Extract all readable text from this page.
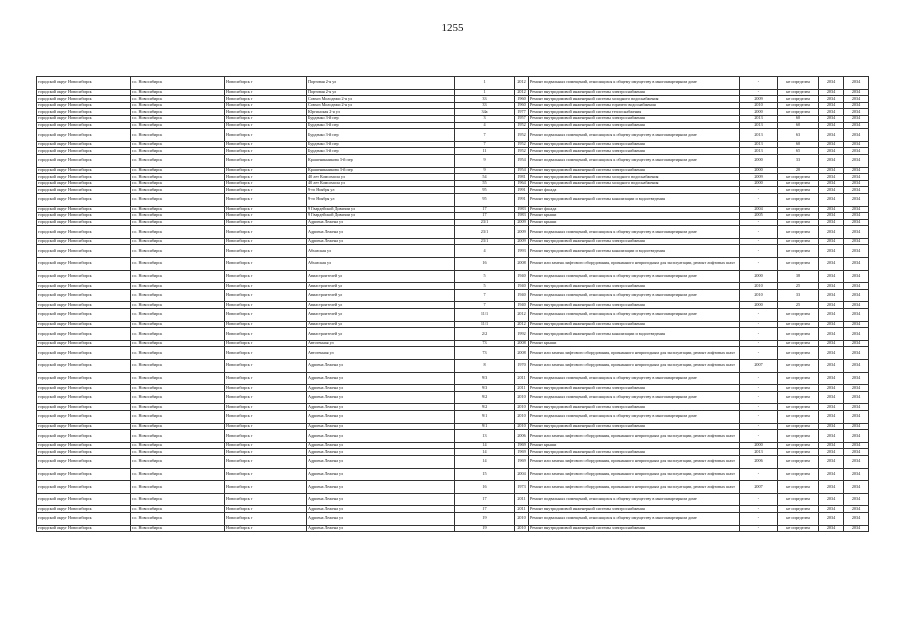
1255
городской округ Новосибирск	г.о. Новосибирск	Новосибирск г	Портовая 2-я ул	1	2012	Ремонт подвальных помещений, относящихся к общему имуществу в многоквартирном доме	-	не определен	2034	2034
городской округ Новосибирск	г.о. Новосибирск	Новосибирск г	Портовая 2-я ул	1	2012	Ремонт внутридомовой инженерной системы электроснабжения	-	не определен	2034	2034
городской округ Новосибирск	г.о. Новосибирск	Новосибирск г	Совхоз Молодежи 2-я ул	33	1960	Ремонт внутридомовой инженерной системы холодного водоснабжения	2009	не определен	2034	2034
городской округ Новосибирск	г.о. Новосибирск	Новосибирск г	Совхоз Молодежи 2-я ул	33	1960	Ремонт внутридомовой инженерной системы горячего водоснабжения	2010	не определен	2034	2034
городской округ Новосибирск	г.о. Новосибирск	Новосибирск г	Юргинская 2-я ул	34а	1977	Ремонт внутридомовой инженерной системы теплоснабжения	2000	не определен	2034	2034
городской округ Новосибирск	г.о. Новосибирск	Новосибирск г	Бурденко 3-й пер	3	1957	Ремонт внутридомовой инженерной системы электроснабжения	2013	60	2034	2034
городской округ Новосибирск	г.о. Новосибирск	Новосибирск г	Бурденко 3-й пер	4	1952	Ремонт внутридомовой инженерной системы электроснабжения	2013	60	2034	2034
городской округ Новосибирск	г.о. Новосибирск	Новосибирск г	Бурденко 3-й пер	7	1952	Ремонт подвальных помещений, относящихся к общему имуществу в многоквартирном доме	2013	63	2034	2034
городской округ Новосибирск	г.о. Новосибирск	Новосибирск г	Бурденко 3-й пер	7	1952	Ремонт внутридомовой инженерной системы электроснабжения	2013	60	2034	2034
городской округ Новосибирск	г.о. Новосибирск	Новосибирск г	Бурденко 3-й пер	11	1952	Ремонт внутридомовой инженерной системы электроснабжения	2013	65	2034	2034
городской округ Новосибирск	г.о. Новосибирск	Новосибирск г	Крашенинникова 3-й пер	9	1954	Ремонт подвальных помещений, относящихся к общему имуществу в многоквартирном доме	2000	33	2034	2034
городской округ Новосибирск	г.о. Новосибирск	Новосибирск г	Крашенинникова 3-й пер	9	1954	Ремонт внутридомовой инженерной системы электроснабжения	2000	20	2034	2034
городской округ Новосибирск	г.о. Новосибирск	Новосибирск г	40 лет Комсомола ул	54	1981	Ремонт внутридомовой инженерной системы холодного водоснабжения	2009	не определен	2034	2034
городской округ Новосибирск	г.о. Новосибирск	Новосибирск г	40 лет Комсомола ул	55	1964	Ремонт внутридомовой инженерной системы холодного водоснабжения	2000	не определен	2034	2034
городской округ Новосибирск	г.о. Новосибирск	Новосибирск г	9-го Ноября ул	95	1991	Ремонт фасада	-	не определен	2034	2034
городской округ Новосибирск	г.о. Новосибирск	Новосибирск г	9-го Ноября ул	95	1991	Ремонт внутридомовой инженерной системы канализации и водоотведения	-	не определен	2034	2034
городской округ Новосибирск	г.о. Новосибирск	Новосибирск г	9 Гвардейской Дивизии ул	17	1983	Ремонт фасада	2004	не определен	2034	2034
городской округ Новосибирск	г.о. Новосибирск	Новосибирск г	9 Гвардейской Дивизии ул	17	1983	Ремонт крыши	2005	не определен	2034	2034
городской округ Новосибирск	г.о. Новосибирск	Новосибирск г	Адриена Лежена ул	23/1	2009	Ремонт крыши	-	не определен	2034	2034
городской округ Новосибирск	г.о. Новосибирск	Новосибирск г	Адриена Лежена ул	23/1	2009	Ремонт подвальных помещений, относящихся к общему имуществу в многоквартирном доме	-	не определен	2034	2034
городской округ Новосибирск	г.о. Новосибирск	Новосибирск г	Адриена Лежена ул	23/1	2009	Ремонт внутридомовой инженерной системы электроснабжения	-	не определен	2034	2034
городской округ Новосибирск	г.о. Новосибирск	Новосибирск г	Абхазская ул	4	1993	Ремонт внутридомовой инженерной системы канализации и водоотведения	-	не определен	2034	2034
городской округ Новосибирск	г.о. Новосибирск	Новосибирск г	Абхазская ул	16	2008	Ремонт или замена лифтового оборудования, признанного непригодным для эксплуатации, ремонт лифтовых шахт	-	не определен	2034	2034
городской округ Новосибирск	г.о. Новосибирск	Новосибирск г	Авиастроителей ул	5	1940	Ремонт подвальных помещений, относящихся к общему имуществу в многоквартирном доме	2000	38	2034	2034
городской округ Новосибирск	г.о. Новосибирск	Новосибирск г	Авиастроителей ул	5	1940	Ремонт внутридомовой инженерной системы электроснабжения	2010	25	2034	2034
городской округ Новосибирск	г.о. Новосибирск	Новосибирск г	Авиастроителей ул	7	1940	Ремонт подвальных помещений, относящихся к общему имуществу в многоквартирном доме	2010	33	2034	2034
городской округ Новосибирск	г.о. Новосибирск	Новосибирск г	Авиастроителей ул	7	1940	Ремонт внутридомовой инженерной системы электроснабжения	2000	25	2034	2034
городской округ Новосибирск	г.о. Новосибирск	Новосибирск г	Авиастроителей ул	11/1	2012	Ремонт подвальных помещений, относящихся к общему имуществу в многоквартирном доме	-	не определен	2034	2034
городской округ Новосибирск	г.о. Новосибирск	Новосибирск г	Авиастроителей ул	11/1	2012	Ремонт внутридомовой инженерной системы электроснабжения	-	не определен	2034	2034
городской округ Новосибирск	г.о. Новосибирск	Новосибирск г	Авиастроителей ул	2/2	1992	Ремонт внутридомовой инженерной системы канализации и водоотведения	-	не определен	2034	2034
городской округ Новосибирск	г.о. Новосибирск	Новосибирск г	Автогенная ул	73	2008	Ремонт крыши	-	не определен	2034	2034
городской округ Новосибирск	г.о. Новосибирск	Новосибирск г	Автогенная ул	73	2008	Ремонт или замена лифтового оборудования, признанного непригодным для эксплуатации, ремонт лифтовых шахт	-	не определен	2034	2034
городской округ Новосибирск	г.о. Новосибирск	Новосибирск г	Адриена Лежена ул	8	1970	Ремонт или замена лифтового оборудования, признанного непригодным для эксплуатации, ремонт лифтовых шахт	2007	не определен	2034	2034
городской округ Новосибирск	г.о. Новосибирск	Новосибирск г	Адриена Лежена ул	9/3	2011	Ремонт подвальных помещений, относящихся к общему имуществу в многоквартирном доме	-	не определен	2034	2034
городской округ Новосибирск	г.о. Новосибирск	Новосибирск г	Адриена Лежена ул	9/3	2011	Ремонт внутридомовой инженерной системы электроснабжения	-	не определен	2034	2034
городской округ Новосибирск	г.о. Новосибирск	Новосибирск г	Адриена Лежена ул	9/2	2010	Ремонт подвальных помещений, относящихся к общему имуществу в многоквартирном доме	-	не определен	2034	2034
городской округ Новосибирск	г.о. Новосибирск	Новосибирск г	Адриена Лежена ул	9/2	2010	Ремонт внутридомовой инженерной системы электроснабжения	-	не определен	2034	2034
городской округ Новосибирск	г.о. Новосибирск	Новосибирск г	Адриена Лежена ул	9/1	2010	Ремонт подвальных помещений, относящихся к общему имуществу в многоквартирном доме	-	не определен	2034	2034
городской округ Новосибирск	г.о. Новосибирск	Новосибирск г	Адриена Лежена ул	9/1	2010	Ремонт внутридомовой инженерной системы электроснабжения	-	не определен	2034	2034
городской округ Новосибирск	г.о. Новосибирск	Новосибирск г	Адриена Лежена ул	13	2006	Ремонт или замена лифтового оборудования, признанного непригодным для эксплуатации, ремонт лифтовых шахт	-	не определен	2034	2034
городской округ Новосибирск	г.о. Новосибирск	Новосибирск г	Адриена Лежена ул	14	1969	Ремонт крыши	2000	не определен	2034	2034
городской округ Новосибирск	г.о. Новосибирск	Новосибирск г	Адриена Лежена ул	14	1969	Ремонт внутридомовой инженерной системы электроснабжения	2013	не определен	2034	2034
городской округ Новосибирск	г.о. Новосибирск	Новосибирск г	Адриена Лежена ул	14	1969	Ремонт или замена лифтового оборудования, признанного непригодным для эксплуатации, ремонт лифтовых шахт	2006	не определен	2034	2034
городской округ Новосибирск	г.о. Новосибирск	Новосибирск г	Адриена Лежена ул	15	2004	Ремонт или замена лифтового оборудования, признанного непригодным для эксплуатации, ремонт лифтовых шахт	-	не определен	2034	2034
городской округ Новосибирск	г.о. Новосибирск	Новосибирск г	Адриена Лежена ул	16	1973	Ремонт или замена лифтового оборудования, признанного непригодным для эксплуатации, ремонт лифтовых шахт	2007	не определен	2034	2034
городской округ Новосибирск	г.о. Новосибирск	Новосибирск г	Адриена Лежена ул	17	2011	Ремонт подвальных помещений, относящихся к общему имуществу в многоквартирном доме	-	не определен	2034	2034
городской округ Новосибирск	г.о. Новосибирск	Новосибирск г	Адриена Лежена ул	17	2011	Ремонт внутридомовой инженерной системы электроснабжения	-	не определен	2034	2034
городской округ Новосибирск	г.о. Новосибирск	Новосибирск г	Адриена Лежена ул	19	2010	Ремонт подвальных помещений, относящихся к общему имуществу в многоквартирном доме	-	не определен	2034	2034
городской округ Новосибирск	г.о. Новосибирск	Новосибирск г	Адриена Лежена ул	19	2010	Ремонт внутридомовой инженерной системы электроснабжения	-	не определен	2034	2034
